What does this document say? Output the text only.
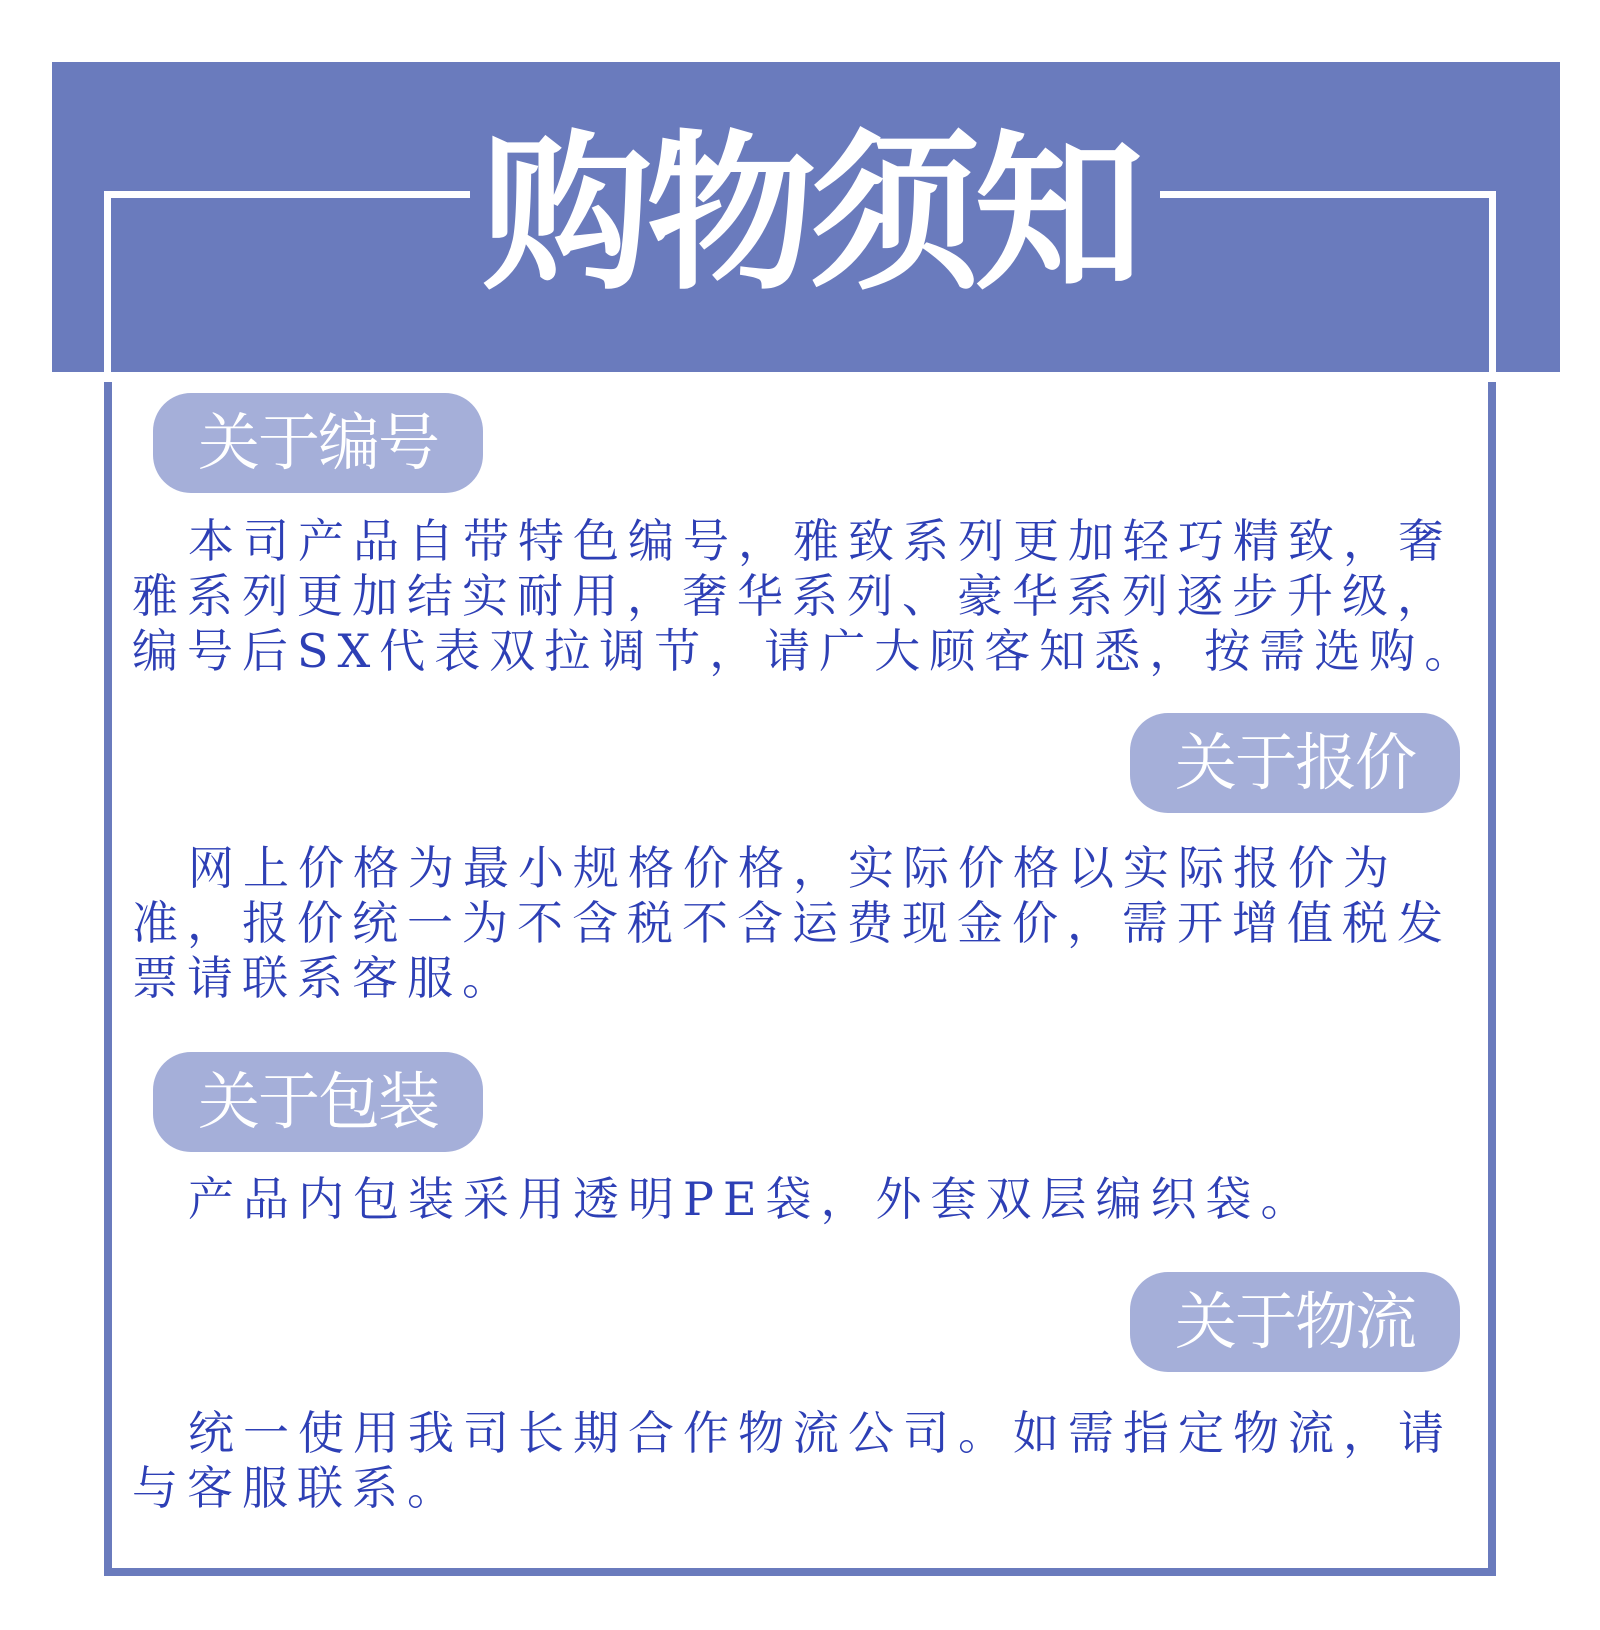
购物须知
关于编号

本司产品自带特色编号，雅致系列更加轻巧精致，奢雅系列更加结实耐用，奢华系列、豪华系列逐步升级，编号后SX代表双拉调节，请广大顾客知悉，按需选购。

关于报价

网上价格为最小规格价格，实际价格以实际报价为准，报价统一为不含税不含运费现金价，需开增值税发票请联系客服。

关于包装

产品内包装采用透明PE袋，外套双层编织袋。

关于物流

统一使用我司长期合作物流公司。如需指定物流，请与客服联系。
